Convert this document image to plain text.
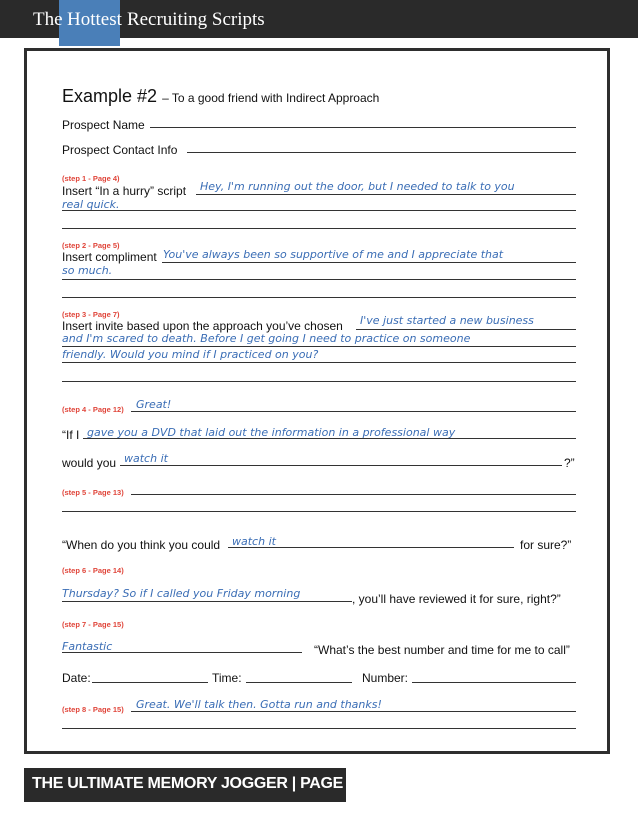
The	Recruiting Scripts
Hottest
Example #2 – To a good friend with Indirect Approach
Prospect Name
Prospect Contact Info
(step 1 - Page 4)
Insert “In a hurry” script Hey, I'm running out the door, but I needed to talk to you
real quick.
(step 2 - Page 5)
Insert compliment You've always been so supportive of me and I appreciate that
so much.
(step 3 - Page 7)
Insert invite based upon the approach you’ve chosen I've just started a new business
and I'm scared to death. Before I get going I need to practice on someone
friendly. Would you mind if I practiced on you?
(step 4 - Page 12) Great!
“If I gave you a DVD that laid out the information in a professional way
would you watch it	?”
(step 5 - Page 13)
“When do you think you could watch it	for sure?”
(step 6 - Page 14)
Thursday? So if I called you Friday morning	, you’ll have reviewed it for sure, right?”
(step 7 - Page 15)
Fantastic	“What’s the best number and time for me to call”
Date:	Time:	Number:
(step 8 - Page 15) Great. We'll talk then. Gotta run and thanks!
THE ULTIMATE MEMORY JOGGER | PAGE 67
